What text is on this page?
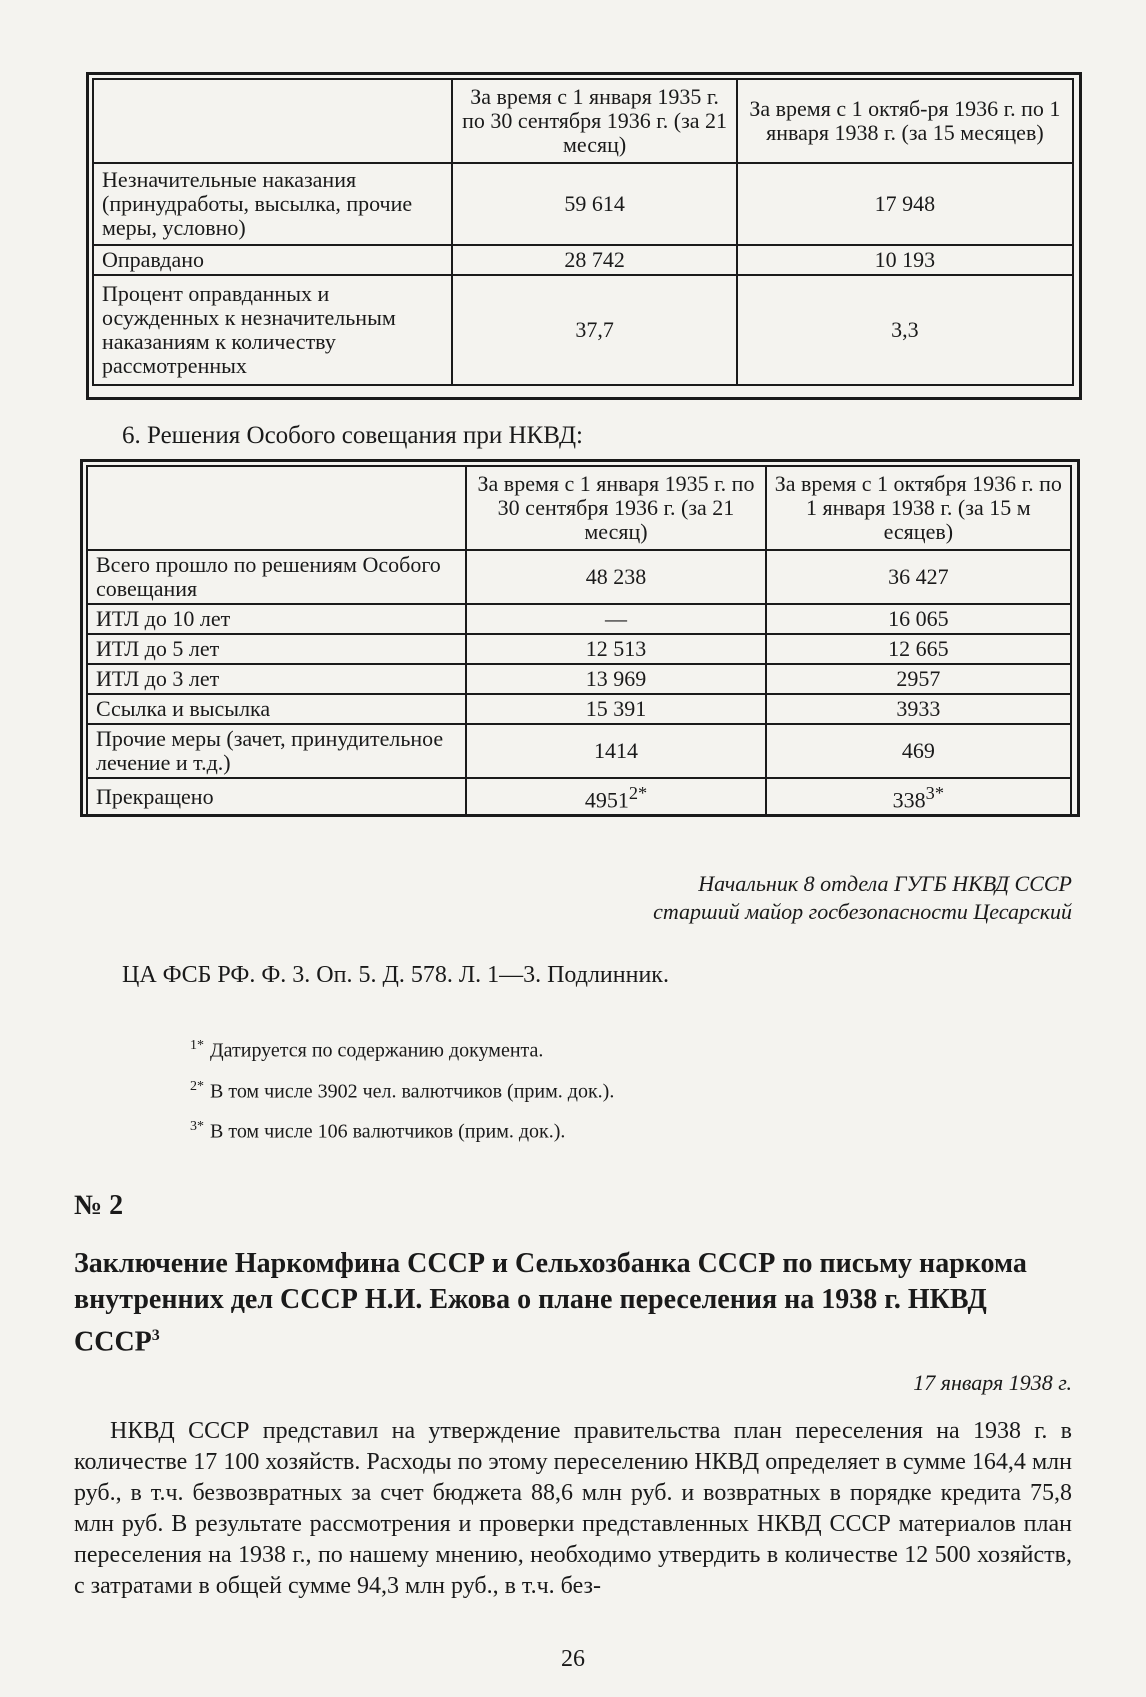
	За время с 1 января 1935 г. по 30 сентября 1936 г. (за 21 месяц)	За время с 1 октяб-ря 1936 г. по 1 января 1938 г. (за 15 месяцев)
Незначительные наказания (принудработы, высылка, прочие меры, условно)	59 614	17 948
Оправдано	28 742	10 193
Процент оправданных и осужденных к незначительным наказаниям к количеству рассмотренных	37,7	3,3
6. Решения Особого совещания при НКВД:
	За время с 1 января 1935 г. по 30 сентября 1936 г. (за 21 месяц)	За время с 1 октября 1936 г. по 1 января 1938 г. (за 15 м есяцев)
Всего прошло по решениям Особого совещания	48 238	36 427
ИТЛ до 10 лет	—	16 065
ИТЛ до 5 лет	12 513	12 665
ИТЛ до 3 лет	13 969	2957
Ссылка и высылка	15 391	3933
Прочие меры (зачет, принудительное лечение и т.д.)	1414	469
Прекращено	$4951^{2*}$	$338^{3*}$
Начальник 8 отдела ГУГБ НКВД СССР
старший майор госбезопасности Цесарский
ЦА ФСБ РФ. Ф. 3. Оп. 5. Д. 578. Л. 1—3. Подлинник.
$^{1*}$ Датируется по содержанию документа.
$^{2*}$ В том числе 3902 чел. валютчиков (прим. док.).
$^{3*}$ В том числе 106 валютчиков (прим. док.).
№ 2
Заключение Наркомфина СССР и Сельхозбанка СССР по письму наркома внутренних дел СССР Н.И. Ежова о плане переселения на 1938 г. НКВД СССР$^3$
17 января 1938 г.
НКВД СССР представил на утверждение правительства план переселения на 1938 г. в количестве 17 100 хозяйств. Расходы по этому переселению НКВД определяет в сумме 164,4 млн руб., в т.ч. безвозвратных за счет бюджета 88,6 млн руб. и возвратных в порядке кредита 75,8 млн руб. В результате рассмотрения и проверки представленных НКВД СССР материалов план переселения на 1938 г., по нашему мнению, необходимо утвердить в количестве 12 500 хозяйств, с затратами в общей сумме 94,3 млн руб., в т.ч. без-
26
